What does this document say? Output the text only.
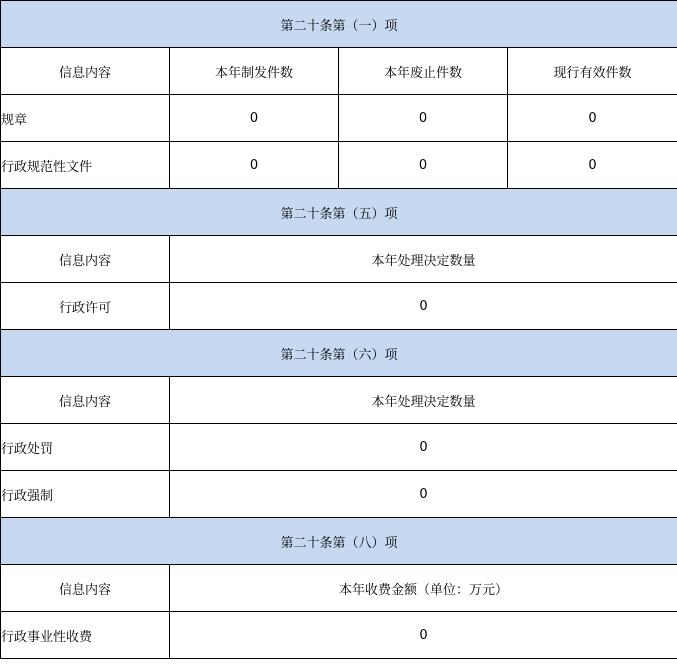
第二十条第（一）项			
信息内容	本年制发件数	本年废止件数	现行有效件数
规章	0	0	0
行政规范性文件	0	0	0
第二十条第（五）项			
信息内容	本年处理决定数量		
行政许可	0		
第二十条第（六）项			
信息内容	本年处理决定数量		
行政处罚	0		
行政强制	0		
第二十条第（八）项			
信息内容	本年收费金额（单位：万元）		
行政事业性收费	0		
